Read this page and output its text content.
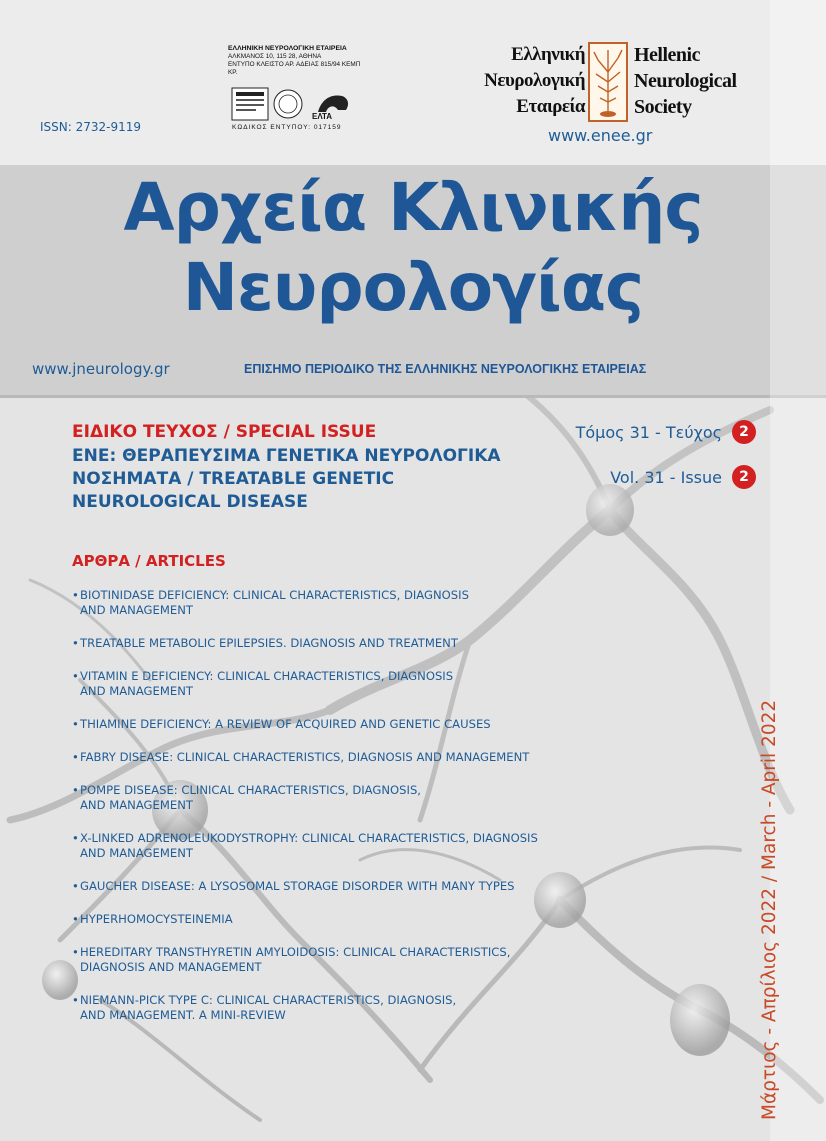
ISSN: 2732-9119
ΕΛΛΗΝΙΚΗ ΝΕΥΡΟΛΟΓΙΚΗ ΕΤΑΙΡΕΙΑ
ΑΛΚΜΑΝΟΣ 10, 115 28, ΑΘΗΝΑ
ΕΝΤΥΠΟ ΚΛΕΙΣΤΟ ΑΡ. ΑΔΕΙΑΣ 815/94 ΚΕΜΠ ΚΡ.
ΕΛΤΑ
ΚΩΔΙΚΟΣ ΕΝΤΥΠΟΥ: 017159
Ελληνική
Νευρολογική
Εταιρεία
Hellenic
Neurological
Society
www.enee.gr
Αρχεία Κλινικής
Νευρολογίας
www.jneurology.gr	ΕΠΙΣΗΜΟ ΠΕΡΙΟΔΙΚΟ ΤΗΣ ΕΛΛΗΝΙΚΗΣ ΝΕΥΡΟΛΟΓΙΚΗΣ ΕΤΑΙΡΕΙΑΣ
ΕΙΔΙΚΟ ΤΕΥΧΟΣ / SPECIAL ISSUE
ΕΝΕ: ΘΕΡΑΠΕΥΣΙΜΑ ΓΕΝΕΤΙΚΑ ΝΕΥΡΟΛΟΓΙΚΑ
ΝΟΣΗΜΑΤΑ / TREATABLE GENETIC
NEUROLOGICAL DISEASE
Τόμος 31 - Τεύχος	2
Vol. 31 - Issue	2
ΑΡΘΡΑ / ARTICLES
• BIOTINIDASE DEFICIENCY: CLINICAL CHARACTERISTICS, DIAGNOSIS
AND MANAGEMENT
• TREATABLE METABOLIC EPILEPSIES. DIAGNOSIS AND TREATMENT
• VITAMIN E DEFICIENCY: CLINICAL CHARACTERISTICS, DIAGNOSIS
AND MANAGEMENT
• THIAMINE DEFICIENCY: A REVIEW OF ACQUIRED AND GENETIC CAUSES
• FABRY DISEASE: CLINICAL CHARACTERISTICS, DIAGNOSIS AND MANAGEMENT
• POMPE DISEASE: CLINICAL CHARACTERISTICS, DIAGNOSIS,
AND MANAGEMENT
• X-LINKED ADRENOLEUKODYSTROPHY: CLINICAL CHARACTERISTICS, DIAGNOSIS
AND MANAGEMENT
• GAUCHER DISEASE: A LYSOSOMAL STORAGE DISORDER WITH MANY TYPES
• HYPERHOMOCYSTEINEMIA
• HEREDITARY TRANSTHYRETIN AMYLOIDOSIS: CLINICAL CHARACTERISTICS,
DIAGNOSIS AND MANAGEMENT
• NIEMANN-PICK TYPE C: CLINICAL CHARACTERISTICS, DIAGNOSIS,
AND MANAGEMENT. A MINI-REVIEW	Μάρτιος - Απρίλιος 2022 / March - April 2022
